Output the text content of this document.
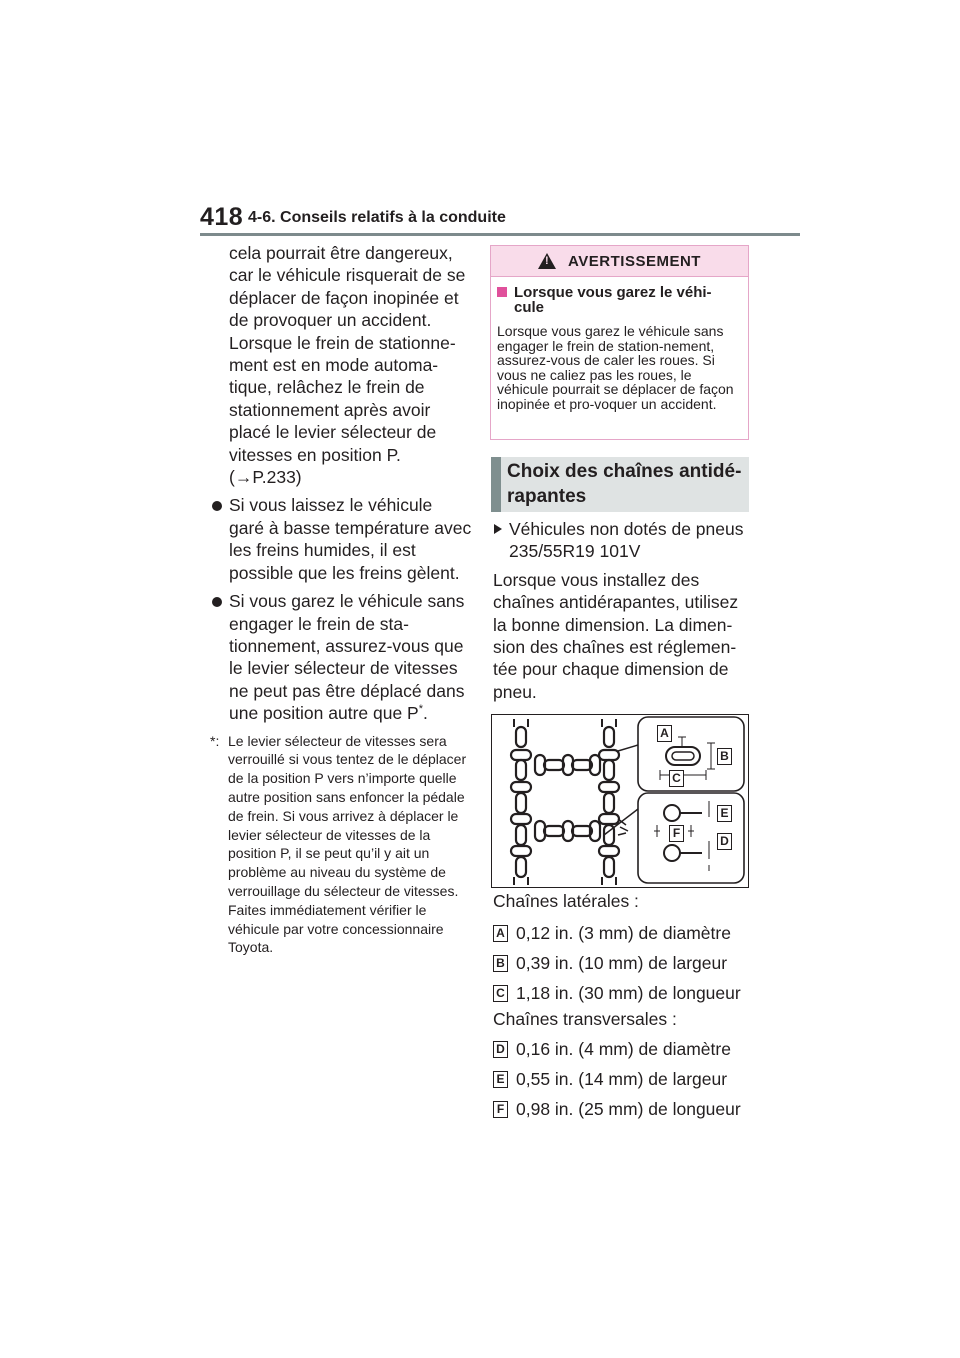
418 4-6. Conseils relatifs à la conduite

cela pourrait être dangereux, car le véhicule risquerait de se déplacer de façon inopinée et de provoquer un accident. Lorsque le frein de stationne-ment est en mode automa-tique, relâchez le frein de stationnement après avoir placé le levier sélecteur de vitesses en position P.
(→P.233)

Si vous laissez le véhicule garé à basse température avec les freins humides, il est possible que les freins gèlent.
Si vous garez le véhicule sans engager le frein de sta-tionnement, assurez-vous que le levier sélecteur de vitesses ne peut pas être déplacé dans une position autre que P*.
*: Le levier sélecteur de vitesses sera verrouillé si vous tentez de le déplacer de la position P vers n’importe quelle autre position sans enfoncer la pédale de frein. Si vous arrivez à déplacer le levier sélecteur de vitesses de la position P, il se peut qu’il y ait un problème au niveau du système de verrouillage du sélecteur de vitesses. Faites immédiatement vérifier le véhicule par votre concessionnaire Toyota.
!
AVERTISSEMENT
Lorsque vous garez le véhi-cule
Lorsque vous garez le véhicule sans engager le frein de station-nement, assurez-vous de caler les roues. Si vous ne caliez pas les roues, le véhicule pourrait se déplacer de façon inopinée et pro-voquer un accident.
Choix des chaînes antidé-rapantes
Véhicules non dotés de pneus 235/55R19 101V

Lorsque vous installez des chaînes antidérapantes, utilisez la bonne dimension. La dimen-sion des chaînes est réglemen-tée pour chaque dimension de pneu.

A
B
C
E
F
D
Chaînes latérales :
A 0,12 in. (3 mm) de diamètre
B 0,39 in. (10 mm) de largeur
C 1,18 in. (30 mm) de longueur
Chaînes transversales :
D 0,16 in. (4 mm) de diamètre
E 0,55 in. (14 mm) de largeur
F 0,98 in. (25 mm) de longueur
